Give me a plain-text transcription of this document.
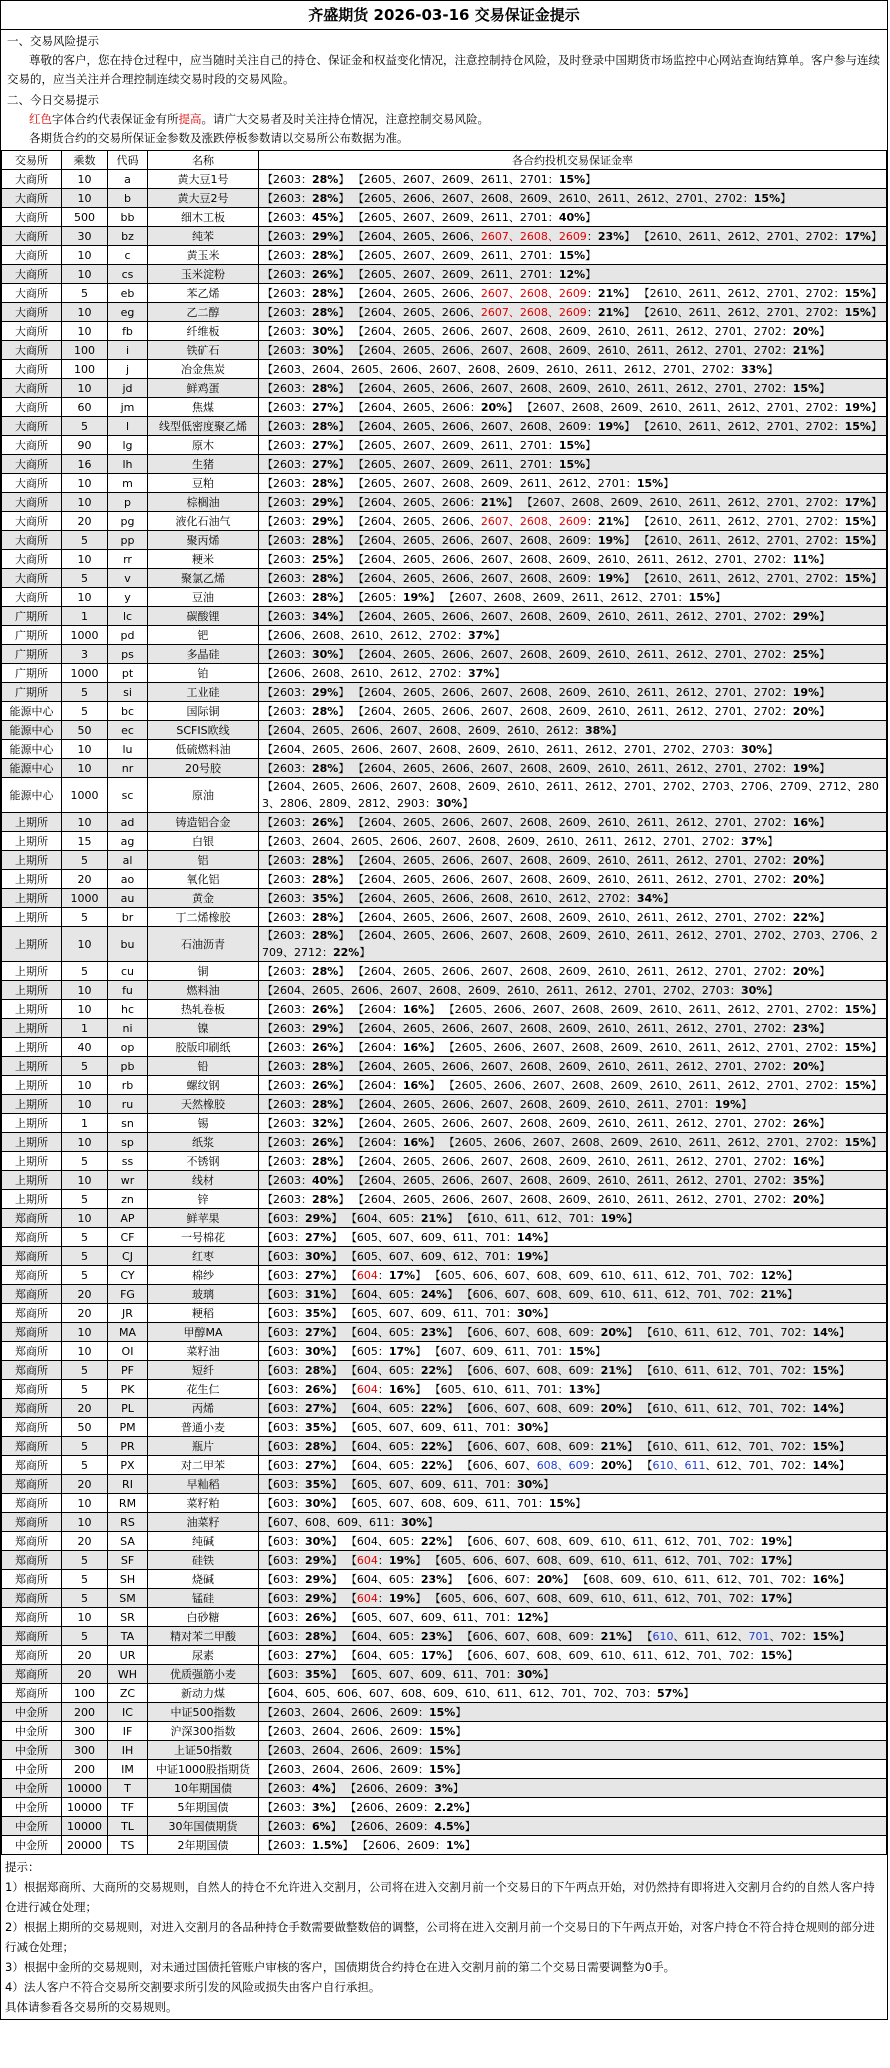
齐盛期货 2026-03-16 交易保证金提示
一、交易风险提示
尊敬的客户，您在持仓过程中，应当随时关注自己的持仓、保证金和权益变化情况，注意控制持仓风险，及时登录中国期货市场监控中心网站查询结算单。客户参与连续交易的，应当关注并合理控制连续交易时段的交易风险。
二、今日交易提示
红色字体合约代表保证金有所提高。请广大交易者及时关注持仓情况，注意控制交易风险。
各期货合约的交易所保证金参数及涨跌停板参数请以交易所公布数据为准。
交易所	乘数	代码	名称	各合约投机交易保证金率
大商所	10	a	黄大豆1号	【2603：28%】 【2605、2607、2609、2611、2701：15%】
大商所	10	b	黄大豆2号	【2603：28%】 【2605、2606、2607、2608、2609、2610、2611、2612、2701、2702：15%】
大商所	500	bb	细木工板	【2603：45%】 【2605、2607、2609、2611、2701：40%】
大商所	30	bz	纯苯	【2603：29%】 【2604、2605、2606、2607、2608、2609：23%】 【2610、2611、2612、2701、2702：17%】
大商所	10	c	黄玉米	【2603：28%】 【2605、2607、2609、2611、2701：15%】
大商所	10	cs	玉米淀粉	【2603：26%】 【2605、2607、2609、2611、2701：12%】
大商所	5	eb	苯乙烯	【2603：28%】 【2604、2605、2606、2607、2608、2609：21%】 【2610、2611、2612、2701、2702：15%】
大商所	10	eg	乙二醇	【2603：28%】 【2604、2605、2606、2607、2608、2609：21%】 【2610、2611、2612、2701、2702：15%】
大商所	10	fb	纤维板	【2603：30%】 【2604、2605、2606、2607、2608、2609、2610、2611、2612、2701、2702：20%】
大商所	100	i	铁矿石	【2603：30%】 【2604、2605、2606、2607、2608、2609、2610、2611、2612、2701、2702：21%】
大商所	100	j	冶金焦炭	【2603、2604、2605、2606、2607、2608、2609、2610、2611、2612、2701、2702：33%】
大商所	10	jd	鲜鸡蛋	【2603：28%】 【2604、2605、2606、2607、2608、2609、2610、2611、2612、2701、2702：15%】
大商所	60	jm	焦煤	【2603：27%】 【2604、2605、2606：20%】 【2607、2608、2609、2610、2611、2612、2701、2702：19%】
大商所	5	l	线型低密度聚乙烯	【2603：28%】 【2604、2605、2606、2607、2608、2609：19%】 【2610、2611、2612、2701、2702：15%】
大商所	90	lg	原木	【2603：27%】 【2605、2607、2609、2611、2701：15%】
大商所	16	lh	生猪	【2603：27%】 【2605、2607、2609、2611、2701：15%】
大商所	10	m	豆粕	【2603：28%】 【2605、2607、2608、2609、2611、2612、2701：15%】
大商所	10	p	棕榈油	【2603：29%】 【2604、2605、2606：21%】 【2607、2608、2609、2610、2611、2612、2701、2702：17%】
大商所	20	pg	液化石油气	【2603：29%】 【2604、2605、2606、2607、2608、2609：21%】 【2610、2611、2612、2701、2702：15%】
大商所	5	pp	聚丙烯	【2603：28%】 【2604、2605、2606、2607、2608、2609：19%】 【2610、2611、2612、2701、2702：15%】
大商所	10	rr	粳米	【2603：25%】 【2604、2605、2606、2607、2608、2609、2610、2611、2612、2701、2702：11%】
大商所	5	v	聚氯乙烯	【2603：28%】 【2604、2605、2606、2607、2608、2609：19%】 【2610、2611、2612、2701、2702：15%】
大商所	10	y	豆油	【2603：28%】 【2605：19%】 【2607、2608、2609、2611、2612、2701：15%】
广期所	1	lc	碳酸锂	【2603：34%】 【2604、2605、2606、2607、2608、2609、2610、2611、2612、2701、2702：29%】
广期所	1000	pd	钯	【2606、2608、2610、2612、2702：37%】
广期所	3	ps	多晶硅	【2603：30%】 【2604、2605、2606、2607、2608、2609、2610、2611、2612、2701、2702：25%】
广期所	1000	pt	铂	【2606、2608、2610、2612、2702：37%】
广期所	5	si	工业硅	【2603：29%】 【2604、2605、2606、2607、2608、2609、2610、2611、2612、2701、2702：19%】
能源中心	5	bc	国际铜	【2603：28%】 【2604、2605、2606、2607、2608、2609、2610、2611、2612、2701、2702：20%】
能源中心	50	ec	SCFIS欧线	【2604、2605、2606、2607、2608、2609、2610、2612：38%】
能源中心	10	lu	低硫燃料油	【2604、2605、2606、2607、2608、2609、2610、2611、2612、2701、2702、2703：30%】
能源中心	10	nr	20号胶	【2603：28%】 【2604、2605、2606、2607、2608、2609、2610、2611、2612、2701、2702：19%】
能源中心	1000	sc	原油	【2604、2605、2606、2607、2608、2609、2610、2611、2612、2701、2702、2703、2706、2709、2712、2803、2806、2809、2812、2903：30%】
上期所	10	ad	铸造铝合金	【2603：26%】 【2604、2605、2606、2607、2608、2609、2610、2611、2612、2701、2702：16%】
上期所	15	ag	白银	【2603、2604、2605、2606、2607、2608、2609、2610、2611、2612、2701、2702：37%】
上期所	5	al	铝	【2603：28%】 【2604、2605、2606、2607、2608、2609、2610、2611、2612、2701、2702：20%】
上期所	20	ao	氧化铝	【2603：28%】 【2604、2605、2606、2607、2608、2609、2610、2611、2612、2701、2702：20%】
上期所	1000	au	黄金	【2603：35%】 【2604、2605、2606、2608、2610、2612、2702：34%】
上期所	5	br	丁二烯橡胶	【2603：28%】 【2604、2605、2606、2607、2608、2609、2610、2611、2612、2701、2702：22%】
上期所	10	bu	石油沥青	【2603：28%】 【2604、2605、2606、2607、2608、2609、2610、2611、2612、2701、2702、2703、2706、2709、2712：22%】
上期所	5	cu	铜	【2603：28%】 【2604、2605、2606、2607、2608、2609、2610、2611、2612、2701、2702：20%】
上期所	10	fu	燃料油	【2604、2605、2606、2607、2608、2609、2610、2611、2612、2701、2702、2703：30%】
上期所	10	hc	热轧卷板	【2603：26%】 【2604：16%】 【2605、2606、2607、2608、2609、2610、2611、2612、2701、2702：15%】
上期所	1	ni	镍	【2603：29%】 【2604、2605、2606、2607、2608、2609、2610、2611、2612、2701、2702：23%】
上期所	40	op	胶版印刷纸	【2603：26%】 【2604：16%】 【2605、2606、2607、2608、2609、2610、2611、2612、2701、2702：15%】
上期所	5	pb	铅	【2603：28%】 【2604、2605、2606、2607、2608、2609、2610、2611、2612、2701、2702：20%】
上期所	10	rb	螺纹钢	【2603：26%】 【2604：16%】 【2605、2606、2607、2608、2609、2610、2611、2612、2701、2702：15%】
上期所	10	ru	天然橡胶	【2603：28%】 【2604、2605、2606、2607、2608、2609、2610、2611、2701：19%】
上期所	1	sn	锡	【2603：32%】 【2604、2605、2606、2607、2608、2609、2610、2611、2612、2701、2702：26%】
上期所	10	sp	纸浆	【2603：26%】 【2604：16%】 【2605、2606、2607、2608、2609、2610、2611、2612、2701、2702：15%】
上期所	5	ss	不锈钢	【2603：28%】 【2604、2605、2606、2607、2608、2609、2610、2611、2612、2701、2702：16%】
上期所	10	wr	线材	【2603：40%】 【2604、2605、2606、2607、2608、2609、2610、2611、2612、2701、2702：35%】
上期所	5	zn	锌	【2603：28%】 【2604、2605、2606、2607、2608、2609、2610、2611、2612、2701、2702：20%】
郑商所	10	AP	鲜苹果	【603：29%】 【604、605：21%】 【610、611、612、701：19%】
郑商所	5	CF	一号棉花	【603：27%】 【605、607、609、611、701：14%】
郑商所	5	CJ	红枣	【603：30%】 【605、607、609、612、701：19%】
郑商所	5	CY	棉纱	【603：27%】 【604：17%】 【605、606、607、608、609、610、611、612、701、702：12%】
郑商所	20	FG	玻璃	【603：31%】 【604、605：24%】 【606、607、608、609、610、611、612、701、702：21%】
郑商所	20	JR	粳稻	【603：35%】 【605、607、609、611、701：30%】
郑商所	10	MA	甲醇MA	【603：27%】 【604、605：23%】 【606、607、608、609：20%】 【610、611、612、701、702：14%】
郑商所	10	OI	菜籽油	【603：30%】 【605：17%】 【607、609、611、701：15%】
郑商所	5	PF	短纤	【603：28%】 【604、605：22%】 【606、607、608、609：21%】 【610、611、612、701、702：15%】
郑商所	5	PK	花生仁	【603：26%】 【604：16%】 【605、610、611、701：13%】
郑商所	20	PL	丙烯	【603：27%】 【604、605：22%】 【606、607、608、609：20%】 【610、611、612、701、702：14%】
郑商所	50	PM	普通小麦	【603：35%】 【605、607、609、611、701：30%】
郑商所	5	PR	瓶片	【603：28%】 【604、605：22%】 【606、607、608、609：21%】 【610、611、612、701、702：15%】
郑商所	5	PX	对二甲苯	【603：27%】 【604、605：22%】 【606、607、608、609：20%】 【610、611、612、701、702：14%】
郑商所	20	RI	早籼稻	【603：35%】 【605、607、609、611、701：30%】
郑商所	10	RM	菜籽粕	【603：30%】 【605、607、608、609、611、701：15%】
郑商所	10	RS	油菜籽	【607、608、609、611：30%】
郑商所	20	SA	纯碱	【603：30%】 【604、605：22%】 【606、607、608、609、610、611、612、701、702：19%】
郑商所	5	SF	硅铁	【603：29%】 【604：19%】 【605、606、607、608、609、610、611、612、701、702：17%】
郑商所	5	SH	烧碱	【603：29%】 【604、605：23%】 【606、607：20%】 【608、609、610、611、612、701、702：16%】
郑商所	5	SM	锰硅	【603：29%】 【604：19%】 【605、606、607、608、609、610、611、612、701、702：17%】
郑商所	10	SR	白砂糖	【603：26%】 【605、607、609、611、701：12%】
郑商所	5	TA	精对苯二甲酸	【603：28%】 【604、605：23%】 【606、607、608、609：21%】 【610、611、612、701、702：15%】
郑商所	20	UR	尿素	【603：27%】 【604、605：17%】 【606、607、608、609、610、611、612、701、702：15%】
郑商所	20	WH	优质强筋小麦	【603：35%】 【605、607、609、611、701：30%】
郑商所	100	ZC	新动力煤	【604、605、606、607、608、609、610、611、612、701、702、703：57%】
中金所	200	IC	中证500指数	【2603、2604、2606、2609：15%】
中金所	300	IF	沪深300指数	【2603、2604、2606、2609：15%】
中金所	300	IH	上证50指数	【2603、2604、2606、2609：15%】
中金所	200	IM	中证1000股指期货	【2603、2604、2606、2609：15%】
中金所	10000	T	10年期国债	【2603：4%】 【2606、2609：3%】
中金所	10000	TF	5年期国债	【2603：3%】 【2606、2609：2.2%】
中金所	10000	TL	30年国债期货	【2603：6%】 【2606、2609：4.5%】
中金所	20000	TS	2年期国债	【2603：1.5%】 【2606、2609：1%】
提示：
1）根据郑商所、大商所的交易规则，自然人的持仓不允许进入交割月，公司将在进入交割月前一个交易日的下午两点开始，对仍然持有即将进入交割月合约的自然人客户持仓进行减仓处理；
2）根据上期所的交易规则，对进入交割月的各品种持仓手数需要做整数倍的调整，公司将在进入交割月前一个交易日的下午两点开始，对客户持仓不符合持仓规则的部分进行减仓处理；
3）根据中金所的交易规则，对未通过国债托管账户审核的客户，国债期货合约持仓在进入交割月前的第二个交易日需要调整为0手。
4）法人客户不符合交易所交割要求所引发的风险或损失由客户自行承担。
具体请参看各交易所的交易规则。
